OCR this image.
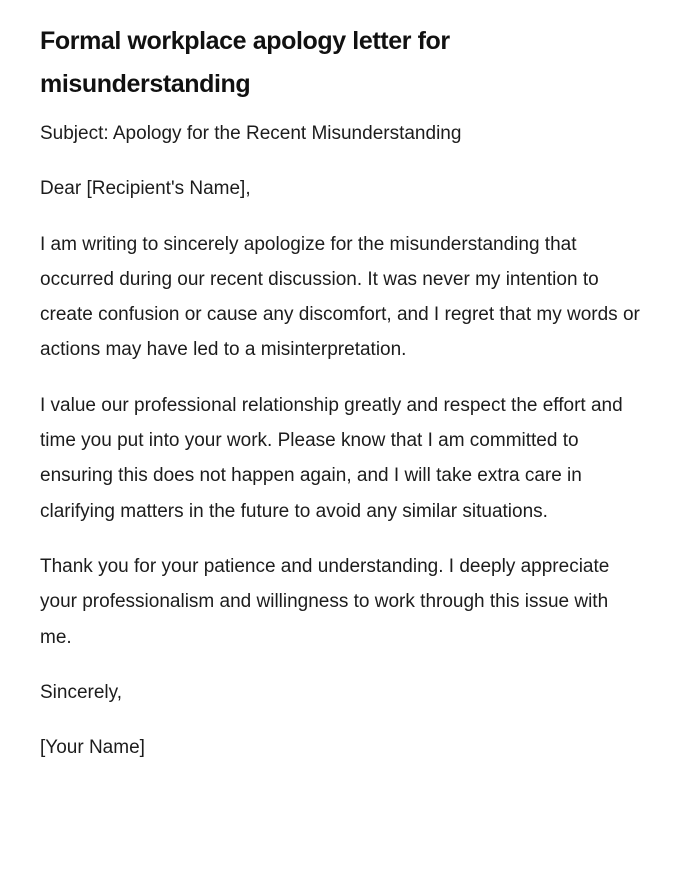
Formal workplace apology letter for misunderstanding

Subject: Apology for the Recent Misunderstanding

Dear [Recipient's Name],

I am writing to sincerely apologize for the misunderstanding that occurred during our recent discussion. It was never my intention to create confusion or cause any discomfort, and I regret that my words or actions may have led to a misinterpretation.

I value our professional relationship greatly and respect the effort and time you put into your work. Please know that I am committed to ensuring this does not happen again, and I will take extra care in clarifying matters in the future to avoid any similar situations.

Thank you for your patience and understanding. I deeply appreciate your professionalism and willingness to work through this issue with me.

Sincerely,

[Your Name]
